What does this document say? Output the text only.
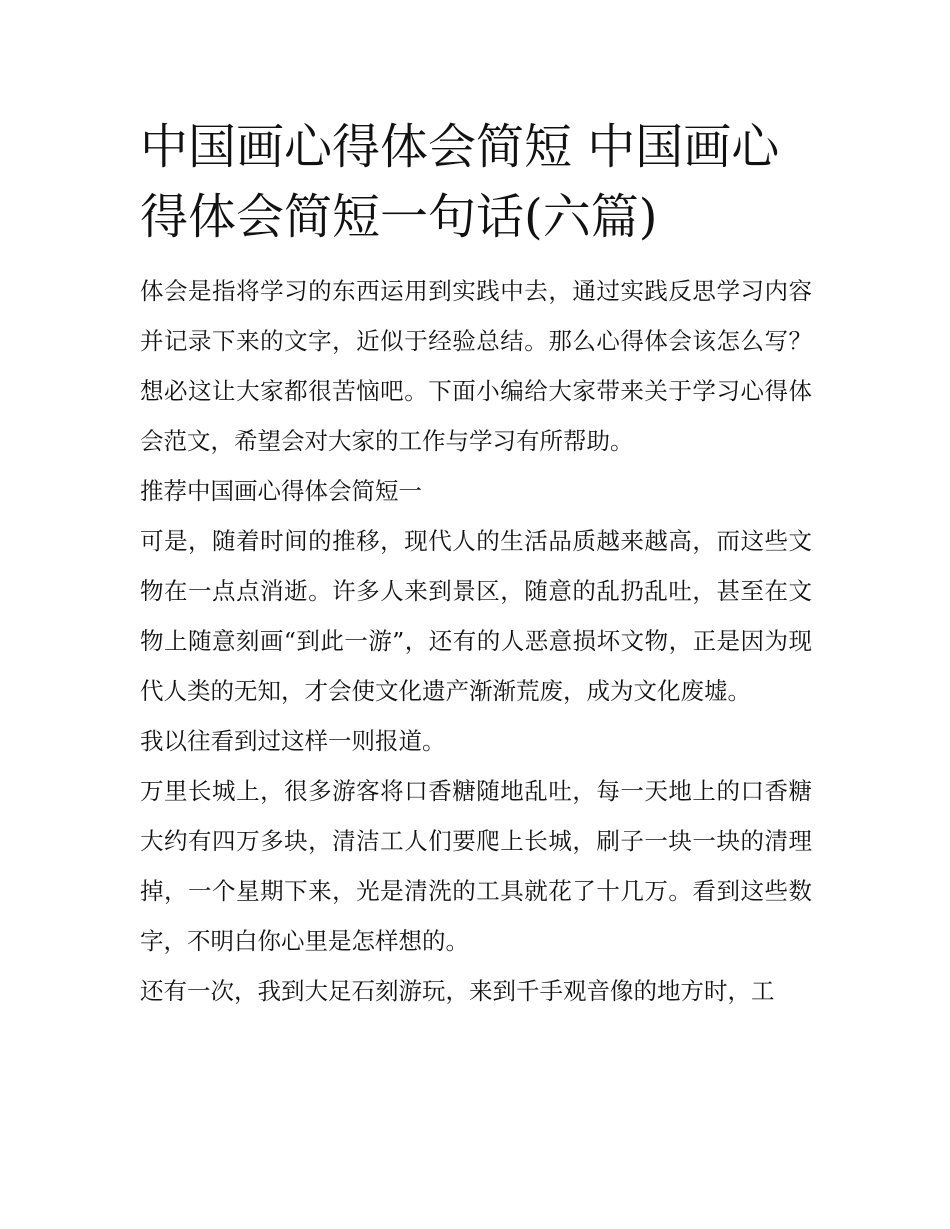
中国画心得体会简短 中国画心得体会简短一句话(六篇)

体会是指将学习的东西运用到实践中去，通过实践反思学习内容并记录下来的文字，近似于经验总结。那么心得体会该怎么写？想必这让大家都很苦恼吧。下面小编给大家带来关于学习心得体会范文，希望会对大家的工作与学习有所帮助。

推荐中国画心得体会简短一

可是，随着时间的推移，现代人的生活品质越来越高，而这些文物在一点点消逝。许多人来到景区，随意的乱扔乱吐，甚至在文物上随意刻画“到此一游”，还有的人恶意损坏文物，正是因为现代人类的无知，才会使文化遗产渐渐荒废，成为文化废墟。

我以往看到过这样一则报道。

万里长城上，很多游客将口香糖随地乱吐，每一天地上的口香糖大约有四万多块，清洁工人们要爬上长城，刷子一块一块的清理掉，一个星期下来，光是清洗的工具就花了十几万。看到这些数字，不明白你心里是怎样想的。

还有一次，我到大足石刻游玩，来到千手观音像的地方时，工
